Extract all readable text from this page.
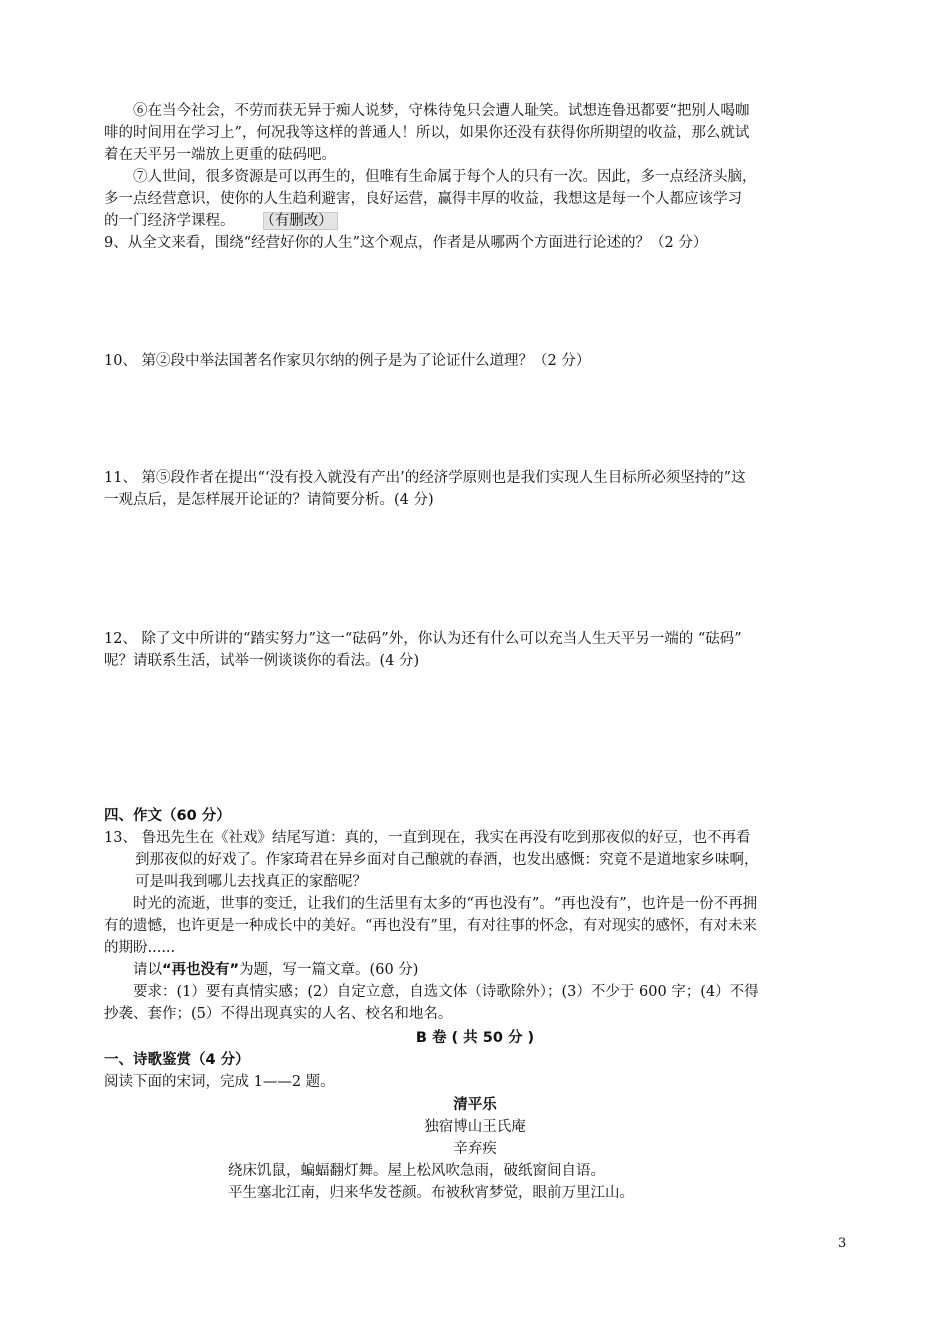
⑥在当今社会，不劳而获无异于痴人说梦，守株待兔只会遭人耻笑。试想连鲁迅都要“把别人喝咖
啡的时间用在学习上”，何况我等这样的普通人！所以，如果你还没有获得你所期望的收益，那么就试
着在天平另一端放上更重的砝码吧。
⑦人世间，很多资源是可以再生的，但唯有生命属于每个人的只有一次。因此，多一点经济头脑，
多一点经营意识，使你的人生趋利避害，良好运营，赢得丰厚的收益，我想这是每一个人都应该学习
的一门经济学课程。 （有删改）
9、从全文来看，围绕“经营好你的人生”这个观点，作者是从哪两个方面进行论述的？（2 分）
10、 第②段中举法国著名作家贝尔纳的例子是为了论证什么道理？（2 分）
11、 第⑤段作者在提出“‘没有投入就没有产出’的经济学原则也是我们实现人生目标所必须坚持的”这
一观点后，是怎样展开论证的？请简要分析。(4 分)
12、 除了文中所讲的“踏实努力”这一“砝码”外，你认为还有什么可以充当人生天平另一端的 “砝码”
呢？请联系生活，试举一例谈谈你的看法。(4 分)
四、作文（60 分）
13、 鲁迅先生在《社戏》结尾写道：真的，一直到现在，我实在再没有吃到那夜似的好豆，也不再看
到那夜似的好戏了。作家琦君在异乡面对自己酿就的春酒，也发出感慨：究竟不是道地家乡味啊，
可是叫我到哪儿去找真正的家醅呢？
时光的流逝，世事的变迁，让我们的生活里有太多的“再也没有”。“再也没有”，也许是一份不再拥
有的遗憾，也许更是一种成长中的美好。“再也没有”里，有对往事的怀念，有对现实的感怀，有对未来
的期盼......
请以“再也没有”为题，写一篇文章。(60 分)
要求：(1）要有真情实感；(2）自定立意，自选文体（诗歌除外）；(3）不少于 600 字；(4）不得
抄袭、套作；(5）不得出现真实的人名、校名和地名。
B 卷 ( 共 50 分 )
一、诗歌鉴赏（4 分）
阅读下面的宋词，完成 1——2 题。
清平乐
独宿博山王氏庵
辛弃疾
绕床饥鼠，蝙蝠翻灯舞。屋上松风吹急雨，破纸窗间自语。
平生塞北江南，归来华发苍颜。布被秋宵梦觉，眼前万里江山。
3
